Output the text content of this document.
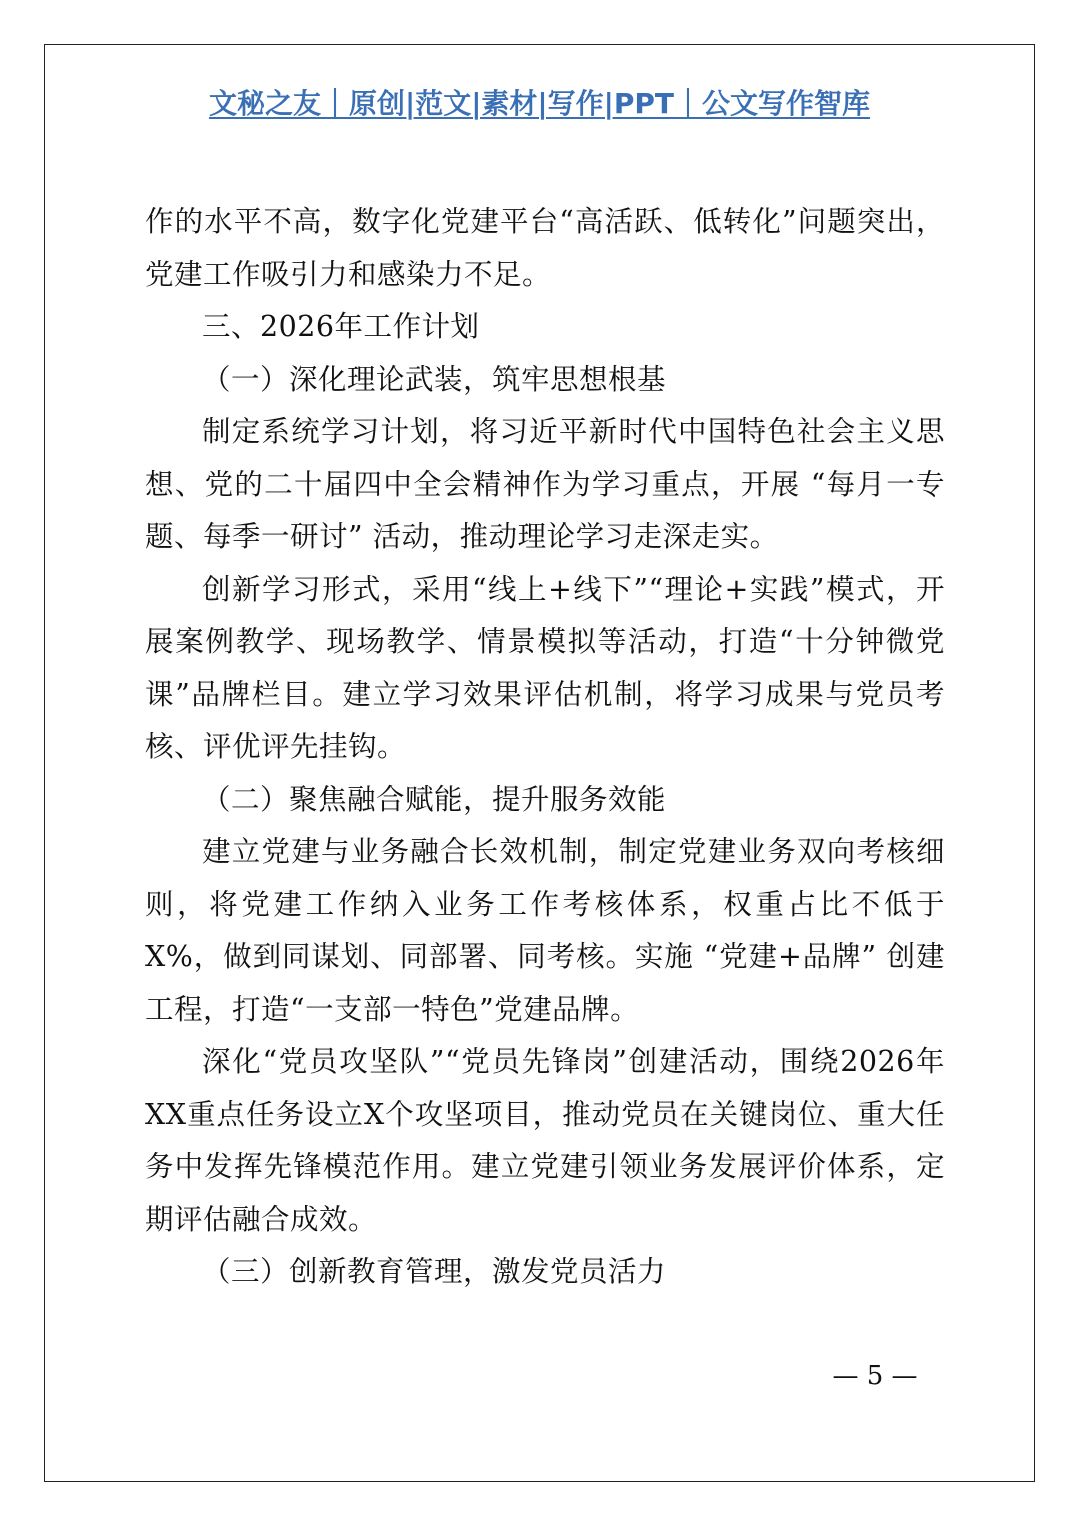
文秘之友｜原创|范文|素材|写作|PPT｜公文写作智库

作的水平不高，数字化党建平台“高活跃、低转化”问题突出，党建工作吸引力和感染力不足。

三、2026年工作计划

（一）深化理论武装，筑牢思想根基

制定系统学习计划，将习近平新时代中国特色社会主义思想、党的二十届四中全会精神作为学习重点，开展 “每月一专题、每季一研讨” 活动，推动理论学习走深走实。

创新学习形式，采用“线上+线下”“理论+实践”模式，开展案例教学、现场教学、情景模拟等活动，打造“十分钟微党课”品牌栏目。建立学习效果评估机制，将学习成果与党员考核、评优评先挂钩。

（二）聚焦融合赋能，提升服务效能

建立党建与业务融合长效机制，制定党建业务双向考核细则，将党建工作纳入业务工作考核体系，权重占比不低于 X%，做到同谋划、同部署、同考核。实施 “党建+品牌” 创建工程，打造“一支部一特色”党建品牌。

深化“党员攻坚队”“党员先锋岗”创建活动，围绕2026年XX重点任务设立X个攻坚项目，推动党员在关键岗位、重大任务中发挥先锋模范作用。建立党建引领业务发展评价体系，定期评估融合成效。

（三）创新教育管理，激发党员活力

— 5 —
